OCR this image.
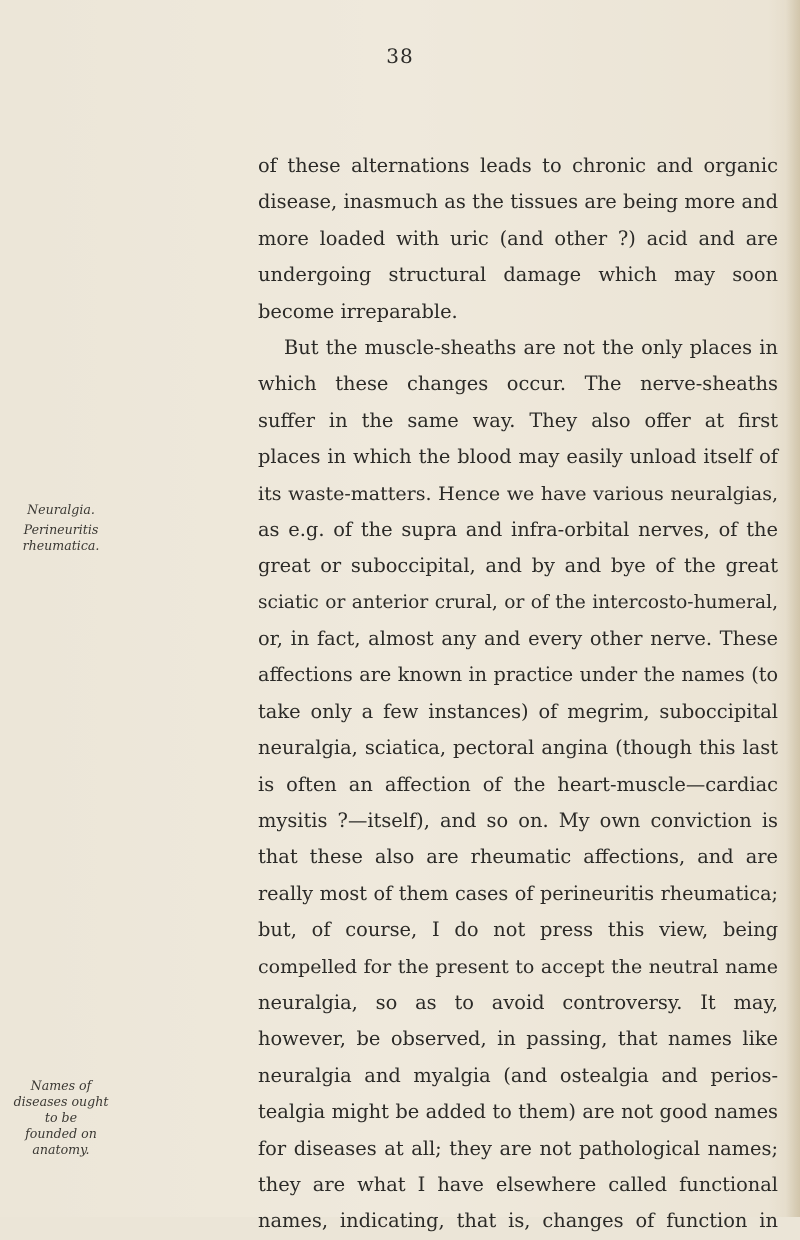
38
Neuralgia.
Perineuritis
rheumatica.
Names of
diseases ought
to be
founded on
anatomy.
of these alternations leads to chronic and organic
disease, inasmuch as the tissues are being more and
more loaded with uric (and other ?) acid and are
undergoing structural damage which may soon
become irreparable.
But the muscle-sheaths are not the only places in
which these changes occur. The nerve-sheaths
suffer in the same way. They also offer at first
places in which the blood may easily unload itself of
its waste-matters. Hence we have various neuralgias,
as e.g. of the supra and infra-orbital nerves, of the
great or suboccipital, and by and bye of the great
sciatic or anterior crural, or of the intercosto-humeral,
or, in fact, almost any and every other nerve. These
affections are known in practice under the names (to
take only a few instances) of megrim, suboccipital
neuralgia, sciatica, pectoral angina (though this last
is often an affection of the heart-muscle—cardiac
mysitis ?—itself), and so on. My own conviction is
that these also are rheumatic affections, and are
really most of them cases of perineuritis rheumatica;
but, of course, I do not press this view, being
compelled for the present to accept the neutral name
neuralgia, so as to avoid controversy. It may,
however, be observed, in passing, that names like
neuralgia and myalgia (and ostealgia and perios-
tealgia might be added to them) are not good names
for diseases at all; they are not pathological names;
they are what I have elsewhere called functional
names, indicating, that is, changes of function in
